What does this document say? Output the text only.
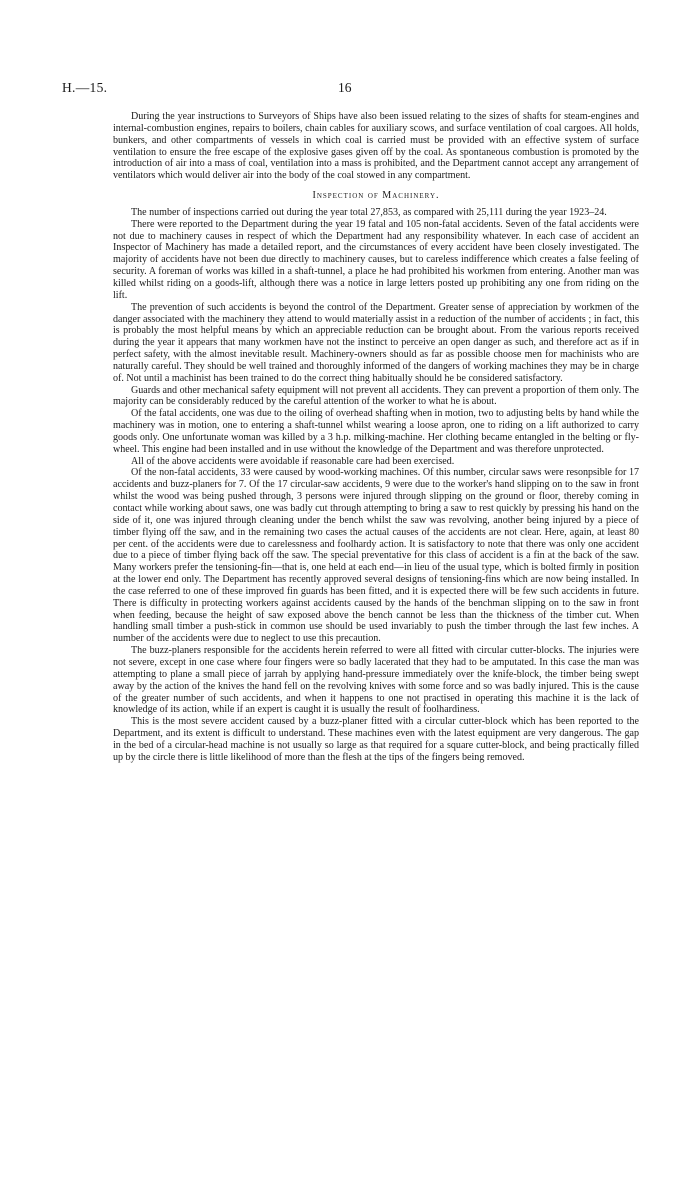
H.—15.	16

During the year instructions to Surveyors of Ships have also been issued relating to the sizes of shafts for steam-engines and internal-combustion engines, repairs to boilers, chain cables for auxiliary scows, and surface ventilation of coal cargoes. All holds, bunkers, and other compartments of vessels in which coal is carried must be provided with an effective system of surface ventilation to ensure the free escape of the explosive gases given off by the coal. As spontaneous combustion is promoted by the introduction of air into a mass of coal, ventilation into a mass is prohibited, and the Department cannot accept any arrangement of ventilators which would deliver air into the body of the coal stowed in any compartment.

Inspection of Machinery.

The number of inspections carried out during the year total 27,853, as compared with 25,111 during the year 1923–24.

There were reported to the Department during the year 19 fatal and 105 non-fatal accidents. Seven of the fatal accidents were not due to machinery causes in respect of which the Department had any responsibility whatever. In each case of accident an Inspector of Machinery has made a detailed report, and the circumstances of every accident have been closely investigated. The majority of accidents have not been due directly to machinery causes, but to careless indifference which creates a false feeling of security. A foreman of works was killed in a shaft-tunnel, a place he had prohibited his workmen from entering. Another man was killed whilst riding on a goods-lift, although there was a notice in large letters posted up prohibiting any one from riding on the lift.

The prevention of such accidents is beyond the control of the Department. Greater sense of appreciation by workmen of the danger associated with the machinery they attend to would materially assist in a reduction of the number of accidents ; in fact, this is probably the most helpful means by which an appreciable reduction can be brought about. From the various reports received during the year it appears that many workmen have not the instinct to perceive an open danger as such, and therefore act as if in perfect safety, with the almost inevitable result. Machinery-owners should as far as possible choose men for machinists who are naturally careful. They should be well trained and thoroughly informed of the dangers of working machines they may be in charge of. Not until a machinist has been trained to do the correct thing habitually should he be considered satisfactory.

Guards and other mechanical safety equipment will not prevent all accidents. They can prevent a proportion of them only. The majority can be considerably reduced by the careful attention of the worker to what he is about.

Of the fatal accidents, one was due to the oiling of overhead shafting when in motion, two to adjusting belts by hand while the machinery was in motion, one to entering a shaft-tunnel whilst wearing a loose apron, one to riding on a lift authorized to carry goods only. One unfortunate woman was killed by a 3 h.p. milking-machine. Her clothing became entangled in the belting or fly-wheel. This engine had been installed and in use without the knowledge of the Department and was therefore unprotected.

All of the above accidents were avoidable if reasonable care had been exercised.

Of the non-fatal accidents, 33 were caused by wood-working machines. Of this number, circular saws were resonpsible for 17 accidents and buzz-planers for 7. Of the 17 circular-saw accidents, 9 were due to the worker's hand slipping on to the saw in front whilst the wood was being pushed through, 3 persons were injured through slipping on the ground or floor, thereby coming in contact while working about saws, one was badly cut through attempting to bring a saw to rest quickly by pressing his hand on the side of it, one was injured through cleaning under the bench whilst the saw was revolving, another being injured by a piece of timber flying off the saw, and in the remaining two cases the actual causes of the accidents are not clear. Here, again, at least 80 per cent. of the accidents were due to carelessness and foolhardy action. It is satisfactory to note that there was only one accident due to a piece of timber flying back off the saw. The special preventative for this class of accident is a fin at the back of the saw. Many workers prefer the tensioning-fin—that is, one held at each end—in lieu of the usual type, which is bolted firmly in position at the lower end only. The Department has recently approved several designs of tensioning-fins which are now being installed. In the case referred to one of these improved fin guards has been fitted, and it is expected there will be few such accidents in future. There is difficulty in protecting workers against accidents caused by the hands of the benchman slipping on to the saw in front when feeding, because the height of saw exposed above the bench cannot be less than the thickness of the timber cut. When handling small timber a push-stick in common use should be used invariably to push the timber through the last few inches. A number of the accidents were due to neglect to use this precaution.

The buzz-planers responsible for the accidents herein referred to were all fitted with circular cutter-blocks. The injuries were not severe, except in one case where four fingers were so badly lacerated that they had to be amputated. In this case the man was attempting to plane a small piece of jarrah by applying hand-pressure immediately over the knife-block, the timber being swept away by the action of the knives the hand fell on the revolving knives with some force and so was badly injured. This is the cause of the greater number of such accidents, and when it happens to one not practised in operating this machine it is the lack of knowledge of its action, while if an expert is caught it is usually the result of foolhardiness.

This is the most severe accident caused by a buzz-planer fitted with a circular cutter-block which has been reported to the Department, and its extent is difficult to understand. These machines even with the latest equipment are very dangerous. The gap in the bed of a circular-head machine is not usually so large as that required for a square cutter-block, and being practically filled up by the circle there is little likelihood of more than the flesh at the tips of the fingers being removed.
